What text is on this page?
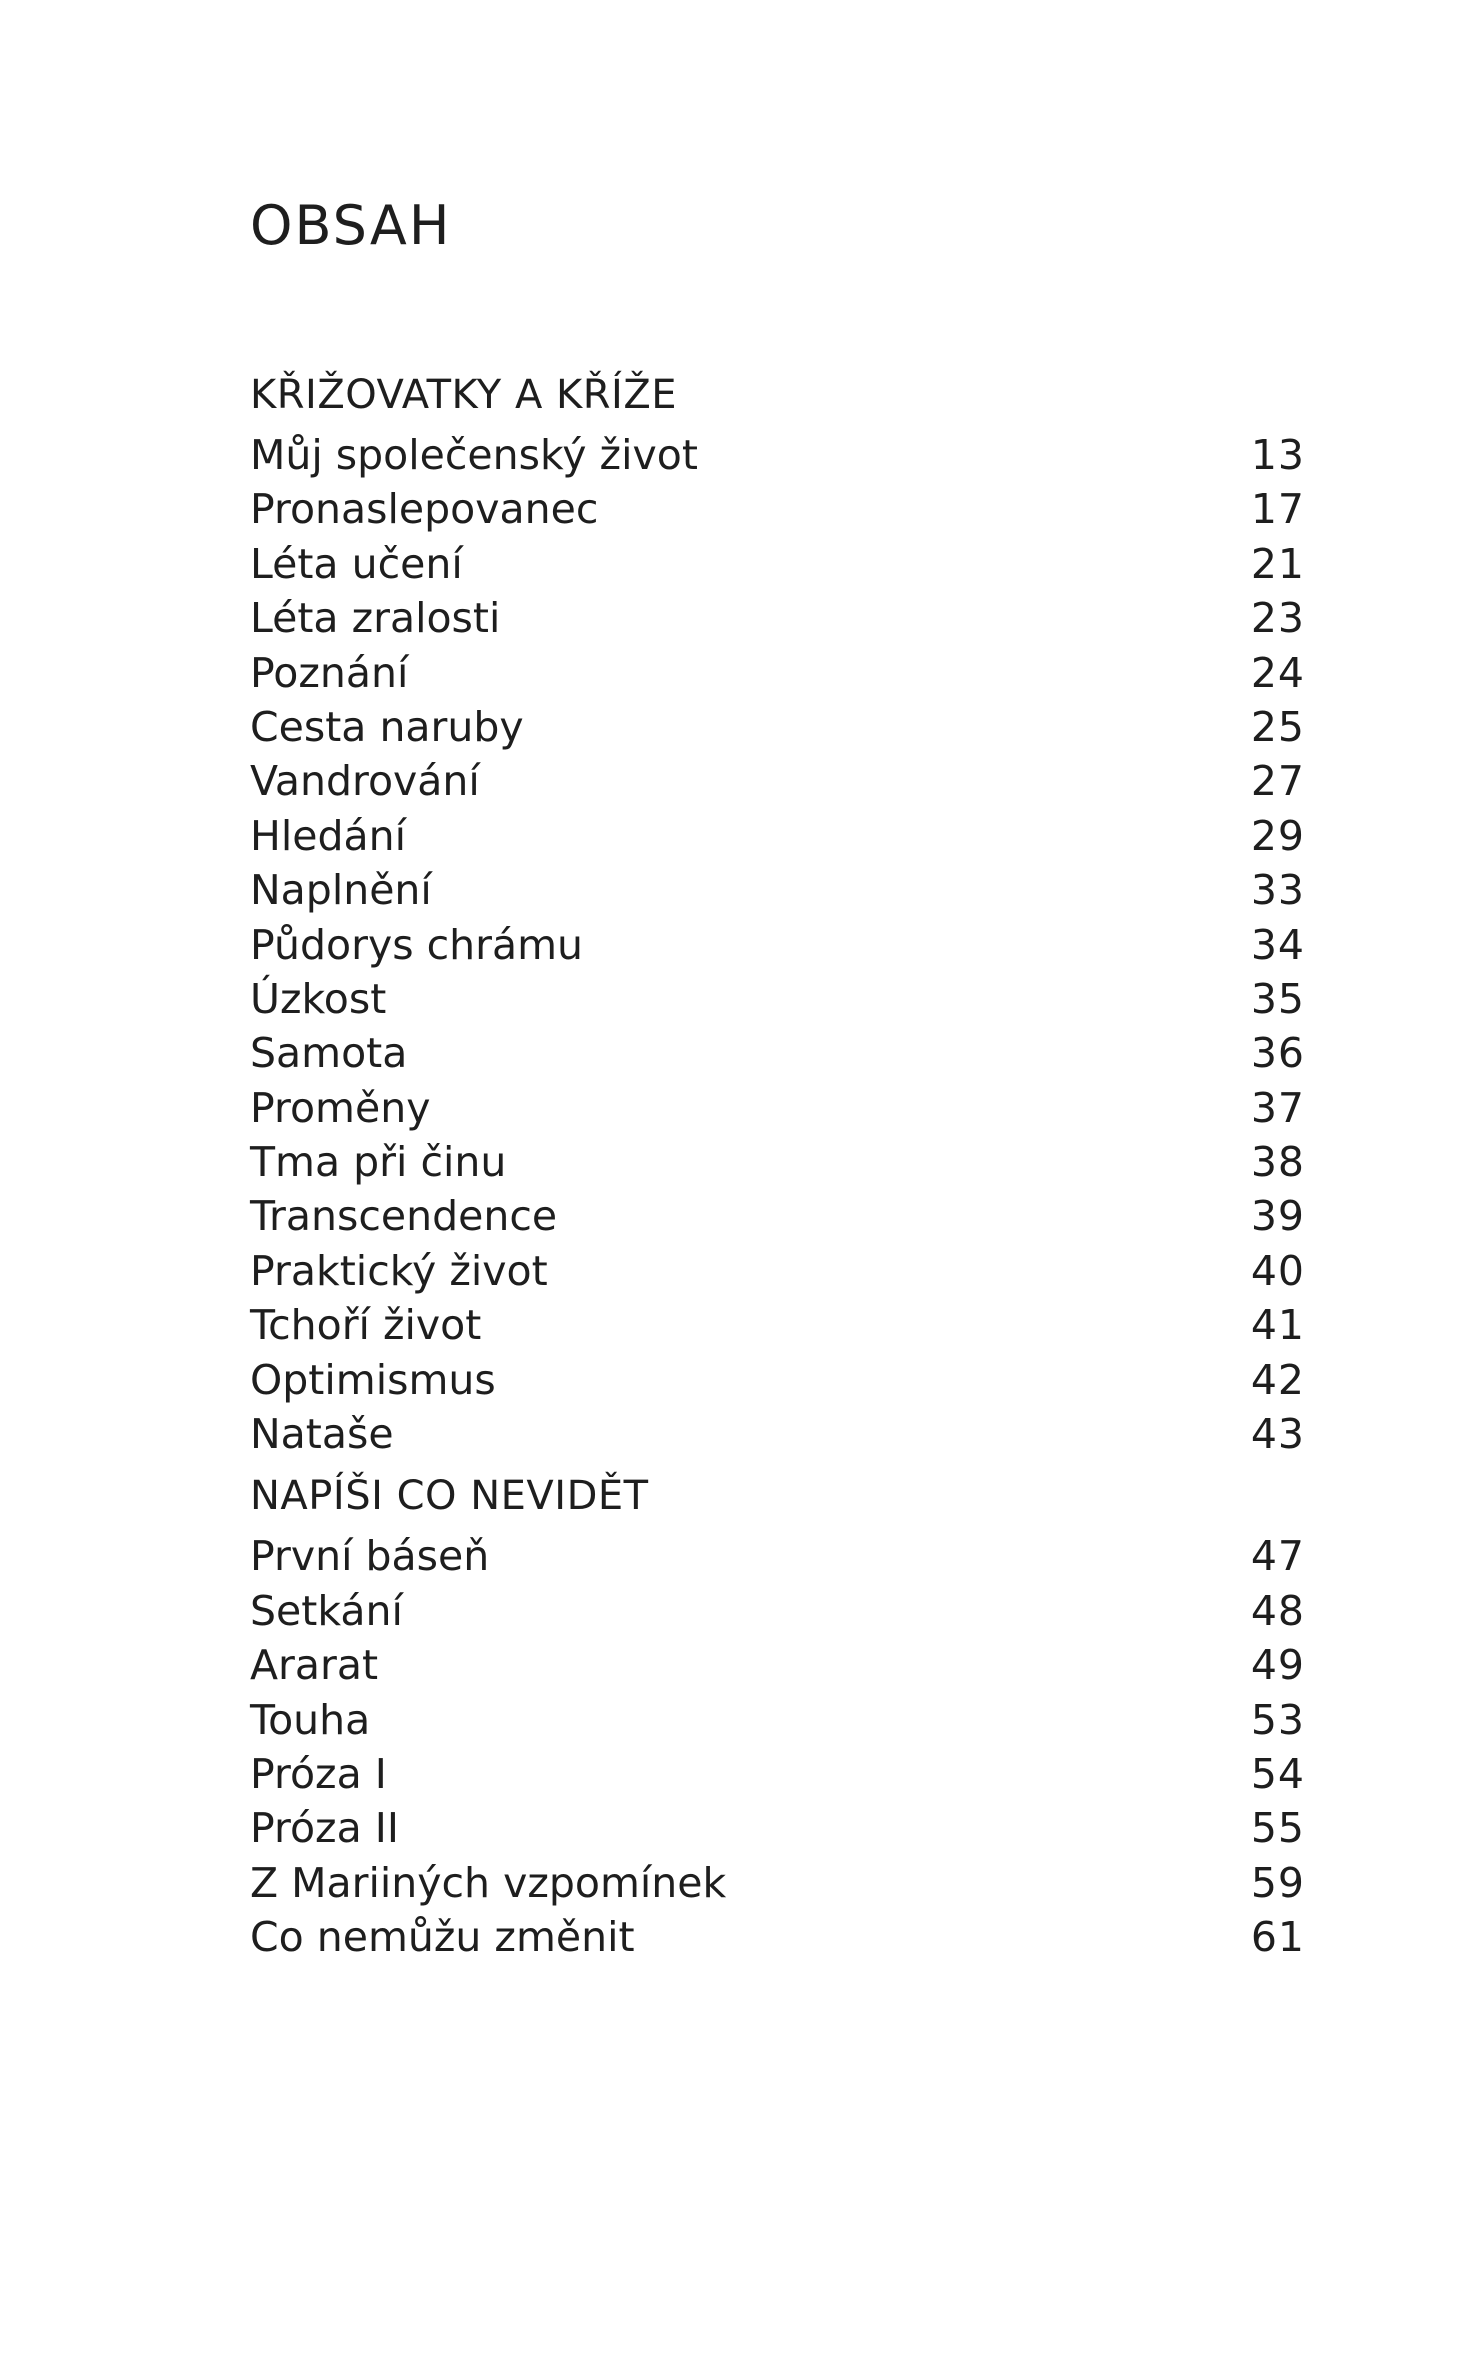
OBSAH
KŘIŽOVATKY A KŘÍŽE
Můj společenský život	13
Pronaslepovanec	17
Léta učení	21
Léta zralosti	23
Poznání	24
Cesta naruby	25
Vandrování	27
Hledání	29
Naplnění	33
Půdorys chrámu	34
Úzkost	35
Samota	36
Proměny	37
Tma při činu	38
Transcendence	39
Praktický život	40
Tchoří život	41
Optimismus	42
Nataše	43
NAPÍŠI CO NEVIDĚT
První báseň	47
Setkání	48
Ararat	49
Touha	53
Próza I	54
Próza II	55
Z Mariiných vzpomínek	59
Co nemůžu změnit	61
